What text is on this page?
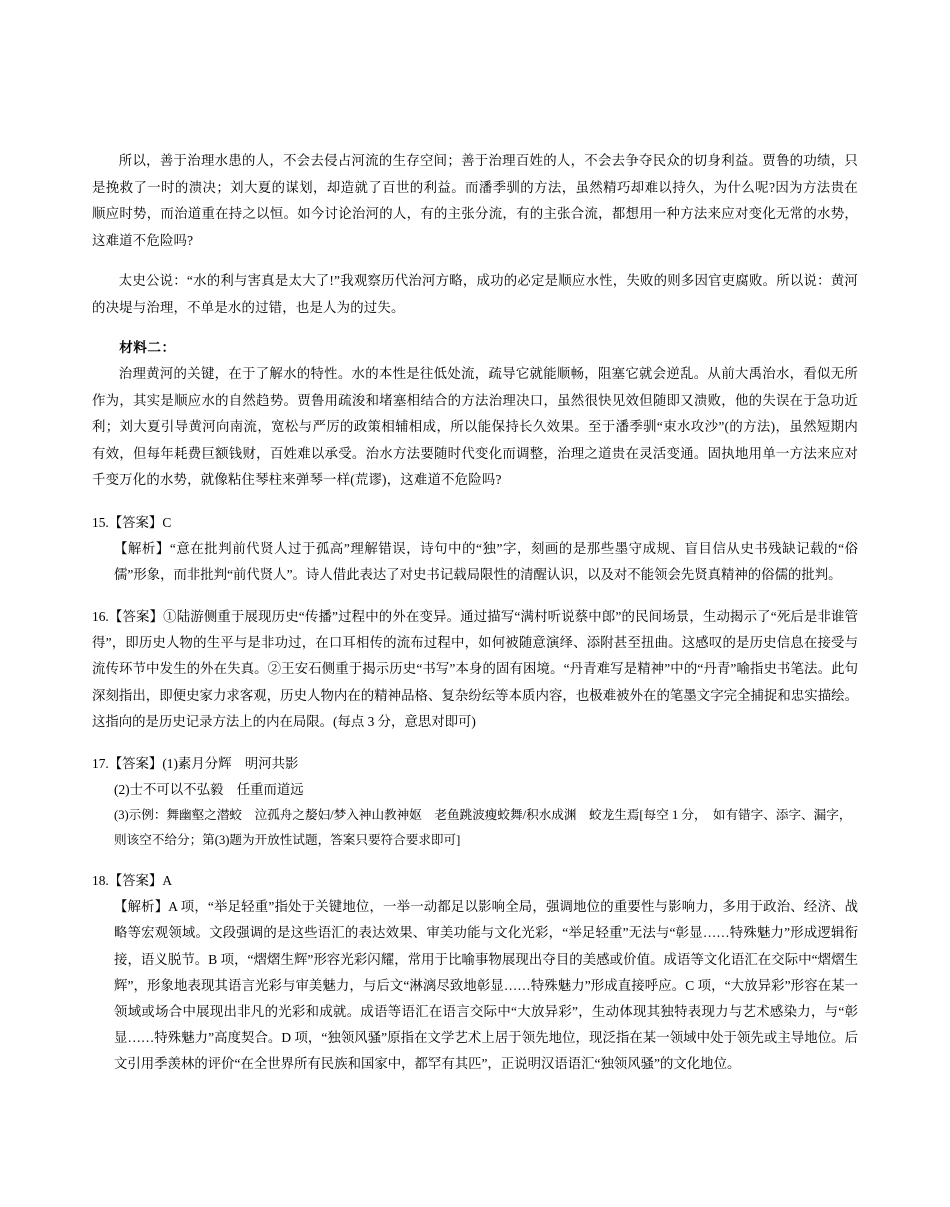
所以，善于治理水患的人，不会去侵占河流的生存空间；善于治理百姓的人，不会去争夺民众的切身利益。贾鲁的功绩，只是挽救了一时的溃决；刘大夏的谋划，却造就了百世的利益。而潘季驯的方法，虽然精巧却难以持久，为什么呢?因为方法贵在顺应时势，而治道重在持之以恒。如今讨论治河的人，有的主张分流，有的主张合流，都想用一种方法来应对变化无常的水势，这难道不危险吗?

太史公说：“水的利与害真是太大了!”我观察历代治河方略，成功的必定是顺应水性，失败的则多因官吏腐败。所以说：黄河的决堤与治理，不单是水的过错，也是人为的过失。

材料二：

治理黄河的关键，在于了解水的特性。水的本性是往低处流，疏导它就能顺畅，阻塞它就会逆乱。从前大禹治水，看似无所作为，其实是顺应水的自然趋势。贾鲁用疏浚和堵塞相结合的方法治理决口，虽然很快见效但随即又溃败，他的失误在于急功近利；刘大夏引导黄河向南流，宽松与严厉的政策相辅相成，所以能保持长久效果。至于潘季驯“束水攻沙”(的方法)，虽然短期内有效，但每年耗费巨额钱财，百姓难以承受。治水方法要随时代变化而调整，治理之道贵在灵活变通。固执地用单一方法来应对千变万化的水势，就像粘住琴柱来弹琴一样(荒谬)，这难道不危险吗?

15.【答案】C

【解析】“意在批判前代贤人过于孤高”理解错误，诗句中的“独”字，刻画的是那些墨守成规、盲目信从史书残缺记载的“俗儒”形象，而非批判“前代贤人”。诗人借此表达了对史书记载局限性的清醒认识，以及对不能领会先贤真精神的俗儒的批判。

16.【答案】①陆游侧重于展现历史“传播”过程中的外在变异。通过描写“满村听说蔡中郎”的民间场景，生动揭示了“死后是非谁管得”，即历史人物的生平与是非功过，在口耳相传的流布过程中，如何被随意演绎、添附甚至扭曲。这感叹的是历史信息在接受与流传环节中发生的外在失真。②王安石侧重于揭示历史“书写”本身的固有困境。“丹青难写是精神”中的“丹青”喻指史书笔法。此句深刻指出，即便史家力求客观，历史人物内在的精神品格、复杂纷纭等本质内容，也极难被外在的笔墨文字完全捕捉和忠实描绘。这指向的是历史记录方法上的内在局限。(每点 3 分，意思对即可)

17.【答案】(1)素月分辉　明河共影

(2)士不可以不弘毅　任重而道远

(3)示例：舞幽壑之潜蛟　泣孤舟之嫠妇/梦入神山教神妪　老鱼跳波瘦蛟舞/积水成渊　蛟龙生焉[每空 1 分，　如有错字、添字、漏字，则该空不给分；第(3)题为开放性试题，答案只要符合要求即可]

18.【答案】A

【解析】A 项，“举足轻重”指处于关键地位，一举一动都足以影响全局，强调地位的重要性与影响力，多用于政治、经济、战略等宏观领域。文段强调的是这些语汇的表达效果、审美功能与文化光彩，“举足轻重”无法与“彰显……特殊魅力”形成逻辑衔接，语义脱节。B 项，“熠熠生辉”形容光彩闪耀，常用于比喻事物展现出夺目的美感或价值。成语等文化语汇在交际中“熠熠生辉”，形象地表现其语言光彩与审美魅力，与后文“淋漓尽致地彰显……特殊魅力”形成直接呼应。C 项，“大放异彩”形容在某一领域或场合中展现出非凡的光彩和成就。成语等语汇在语言交际中“大放异彩”，生动体现其独特表现力与艺术感染力，与“彰显……特殊魅力”高度契合。D 项，“独领风骚”原指在文学艺术上居于领先地位，现泛指在某一领域中处于领先或主导地位。后文引用季羡林的评价“在全世界所有民族和国家中，都罕有其匹”，正说明汉语语汇“独领风骚”的文化地位。
